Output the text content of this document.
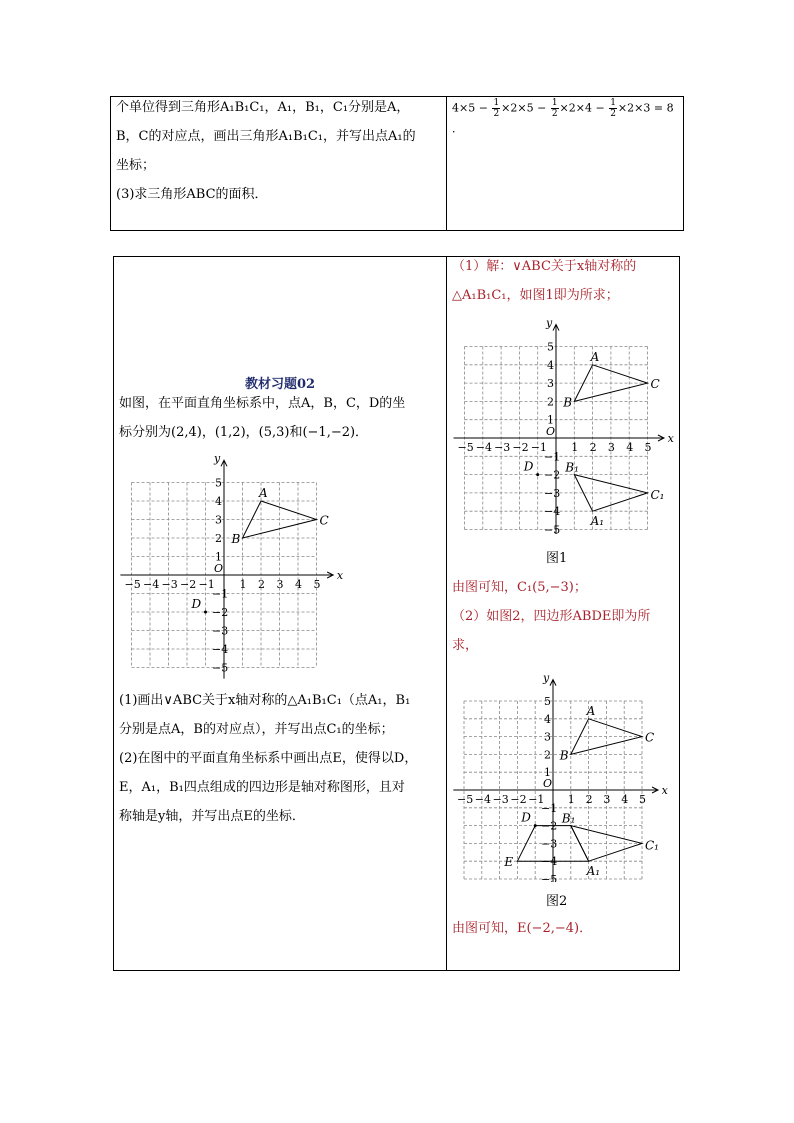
个单位得到三角形A₁B₁C₁，A₁，B₁，C₁分别是A，
B，C的对应点，画出三角形A₁B₁C₁，并写出点A₁的
坐标；
(3)求三角形ABC的面积．
$4\times 5 - \frac{1}{2} \times 2\times 5 - \frac{1}{2} \times 2\times 4 - \frac{1}{2} \times 2\times 3 = 8$ ．
教材习题02
如图，在平面直角坐标系中，点A，B，C，D的坐
标分别为(2,4)，(1,2)，(5,3)和(−1,−2)．
x
y
O
−5 −4 −3 −2 −1 1 2 3 4 5
5
4
3
2
1
−1
−2
−3
−4
−5
A
B
C
D
(1)画出∨ABC关于x轴对称的△A₁B₁C₁（点A₁，B₁
分别是点A，B的对应点），并写出点C₁的坐标；
(2)在图中的平面直角坐标系中画出点E，使得以D，
E，A₁，B₁四点组成的四边形是轴对称图形，且对
称轴是y轴，并写出点E的坐标．
（1）解：∨ABC关于x轴对称的
△A₁B₁C₁，如图1即为所求；
x
y
O
−5 −4 −3 −2 −1 1 2 3 4 5
5
4
3
2
1
−1
−2
−3
−4
−5
A
B
C
D
A₁
B₁
C₁
图1
由图可知，C₁(5,−3)；
（2）如图2，四边形ABDE即为所
求，
x
y
O
−5 −4 −3 −2 −1 1 2 3 4 5
5
4
3
2
1
−1
−2
−3
−4
−5
A
B
C
D
A₁
B₁
C₁
E
图2
由图可知，E(−2,−4)．
